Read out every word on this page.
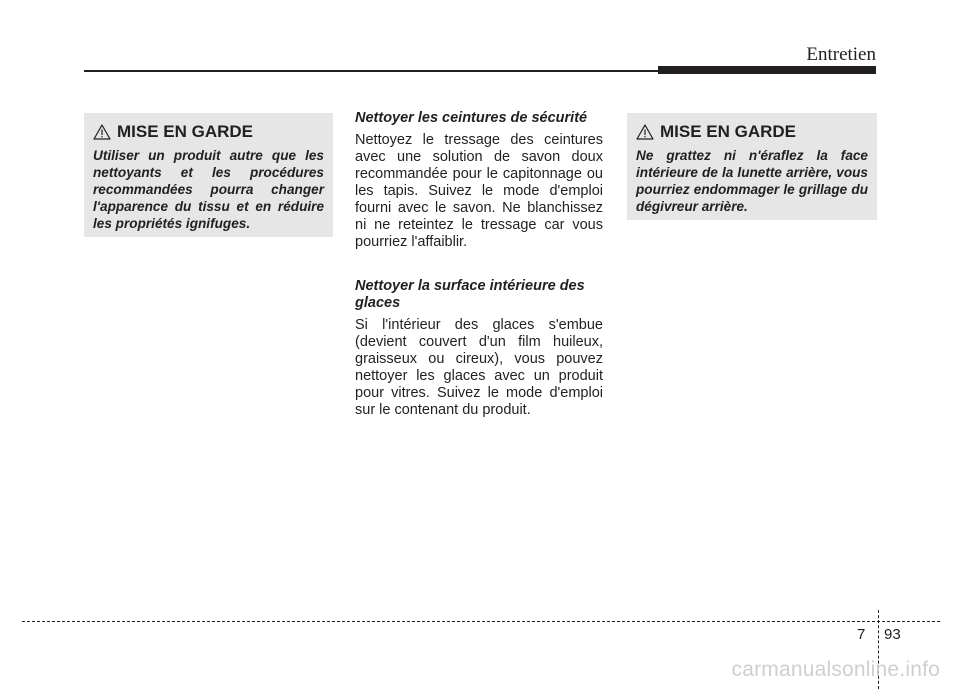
Entretien
MISE EN GARDE

Utiliser un produit autre que les nettoyants et les procédures recommandées pourra changer l'apparence du tissu et en réduire les propriétés ignifuges.

Nettoyer les ceintures de sécurité

Nettoyez le tressage des ceintures avec une solution de savon doux recommandée pour le capitonnage ou les tapis. Suivez le mode d'emploi fourni avec le savon. Ne blanchissez ni ne reteintez le tressage car vous pourriez l'affaiblir.

Nettoyer la surface intérieure des glaces

Si l'intérieur des glaces s'embue (devient couvert d'un film huileux, graisseux ou cireux), vous pouvez nettoyer les glaces avec un produit pour vitres. Suivez le mode d'emploi sur le contenant du produit.

MISE EN GARDE

Ne grattez ni n'éraflez la face intérieure de la lunette arrière, vous pourriez endommager le grillage du dégivreur arrière.

7 93
carmanualsonline.info
